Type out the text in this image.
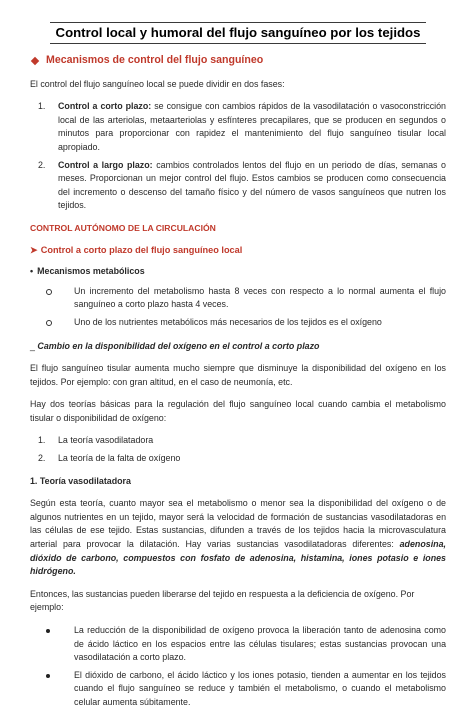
Control local y humoral del flujo sanguíneo por los tejidos
Mecanismos de control del flujo sanguíneo

El control del flujo sanguíneo local se puede dividir en dos fases:

1.	Control a corto plazo: se consigue con cambios rápidos de la vasodilatación o vasoconstricción local de las arteriolas, metaarteriolas y esfínteres precapilares, que se producen en segundos o minutos para proporcionar con rapidez el mantenimiento del flujo sanguíneo tisular local apropiado.
2.	Control a largo plazo: cambios controlados lentos del flujo en un periodo de días, semanas o meses. Proporcionan un mejor control del flujo. Estos cambios se producen como consecuencia del incremento o descenso del tamaño físico y del número de vasos sanguíneos que nutren los tejidos.
CONTROL AUTÓNOMO DE LA CIRCULACIÓN
➤ Control a corto plazo del flujo sanguíneo local
• Mecanismos metabólicos
Un incremento del metabolismo hasta 8 veces con respecto a lo normal aumenta el flujo sanguíneo a corto plazo hasta 4 veces.
Uno de los nutrientes metabólicos más necesarios de los tejidos es el oxígeno

_ Cambio en la disponibilidad del oxígeno en el control a corto plazo

El flujo sanguíneo tisular aumenta mucho siempre que disminuye la disponibilidad del oxígeno en los tejidos. Por ejemplo: con gran altitud, en el caso de neumonía, etc.

Hay dos teorías básicas para la regulación del flujo sanguíneo local cuando cambia el metabolismo tisular o disponibilidad de oxígeno:

1.	La teoría vasodilatadora
2.	La teoría de la falta de oxígeno

1. Teoría vasodilatadora

Según esta teoría, cuanto mayor sea el metabolismo o menor sea la disponibilidad del oxígeno o de algunos nutrientes en un tejido, mayor será la velocidad de formación de sustancias vasodilatadoras en las células de ese tejido. Estas sustancias, difunden a través de los tejidos hacia la microvasculatura arterial para provocar la dilatación. Hay varias sustancias vasodilatadoras diferentes: adenosina, dióxido de carbono, compuestos con fosfato de adenosina, histamina, iones potasio e iones hidrógeno.

Entonces, las sustancias pueden liberarse del tejido en respuesta a la deficiencia de oxígeno. Por ejemplo:

La reducción de la disponibilidad de oxígeno provoca la liberación tanto de adenosina como de ácido láctico en los espacios entre las células tisulares; estas sustancias provocan una vasodilatación a corto plazo.
El dióxido de carbono, el ácido láctico y los iones potasio, tienden a aumentar en los tejidos cuando el flujo sanguíneo se reduce y también el metabolismo, o cuando el metabolismo celular aumenta súbitamente.
